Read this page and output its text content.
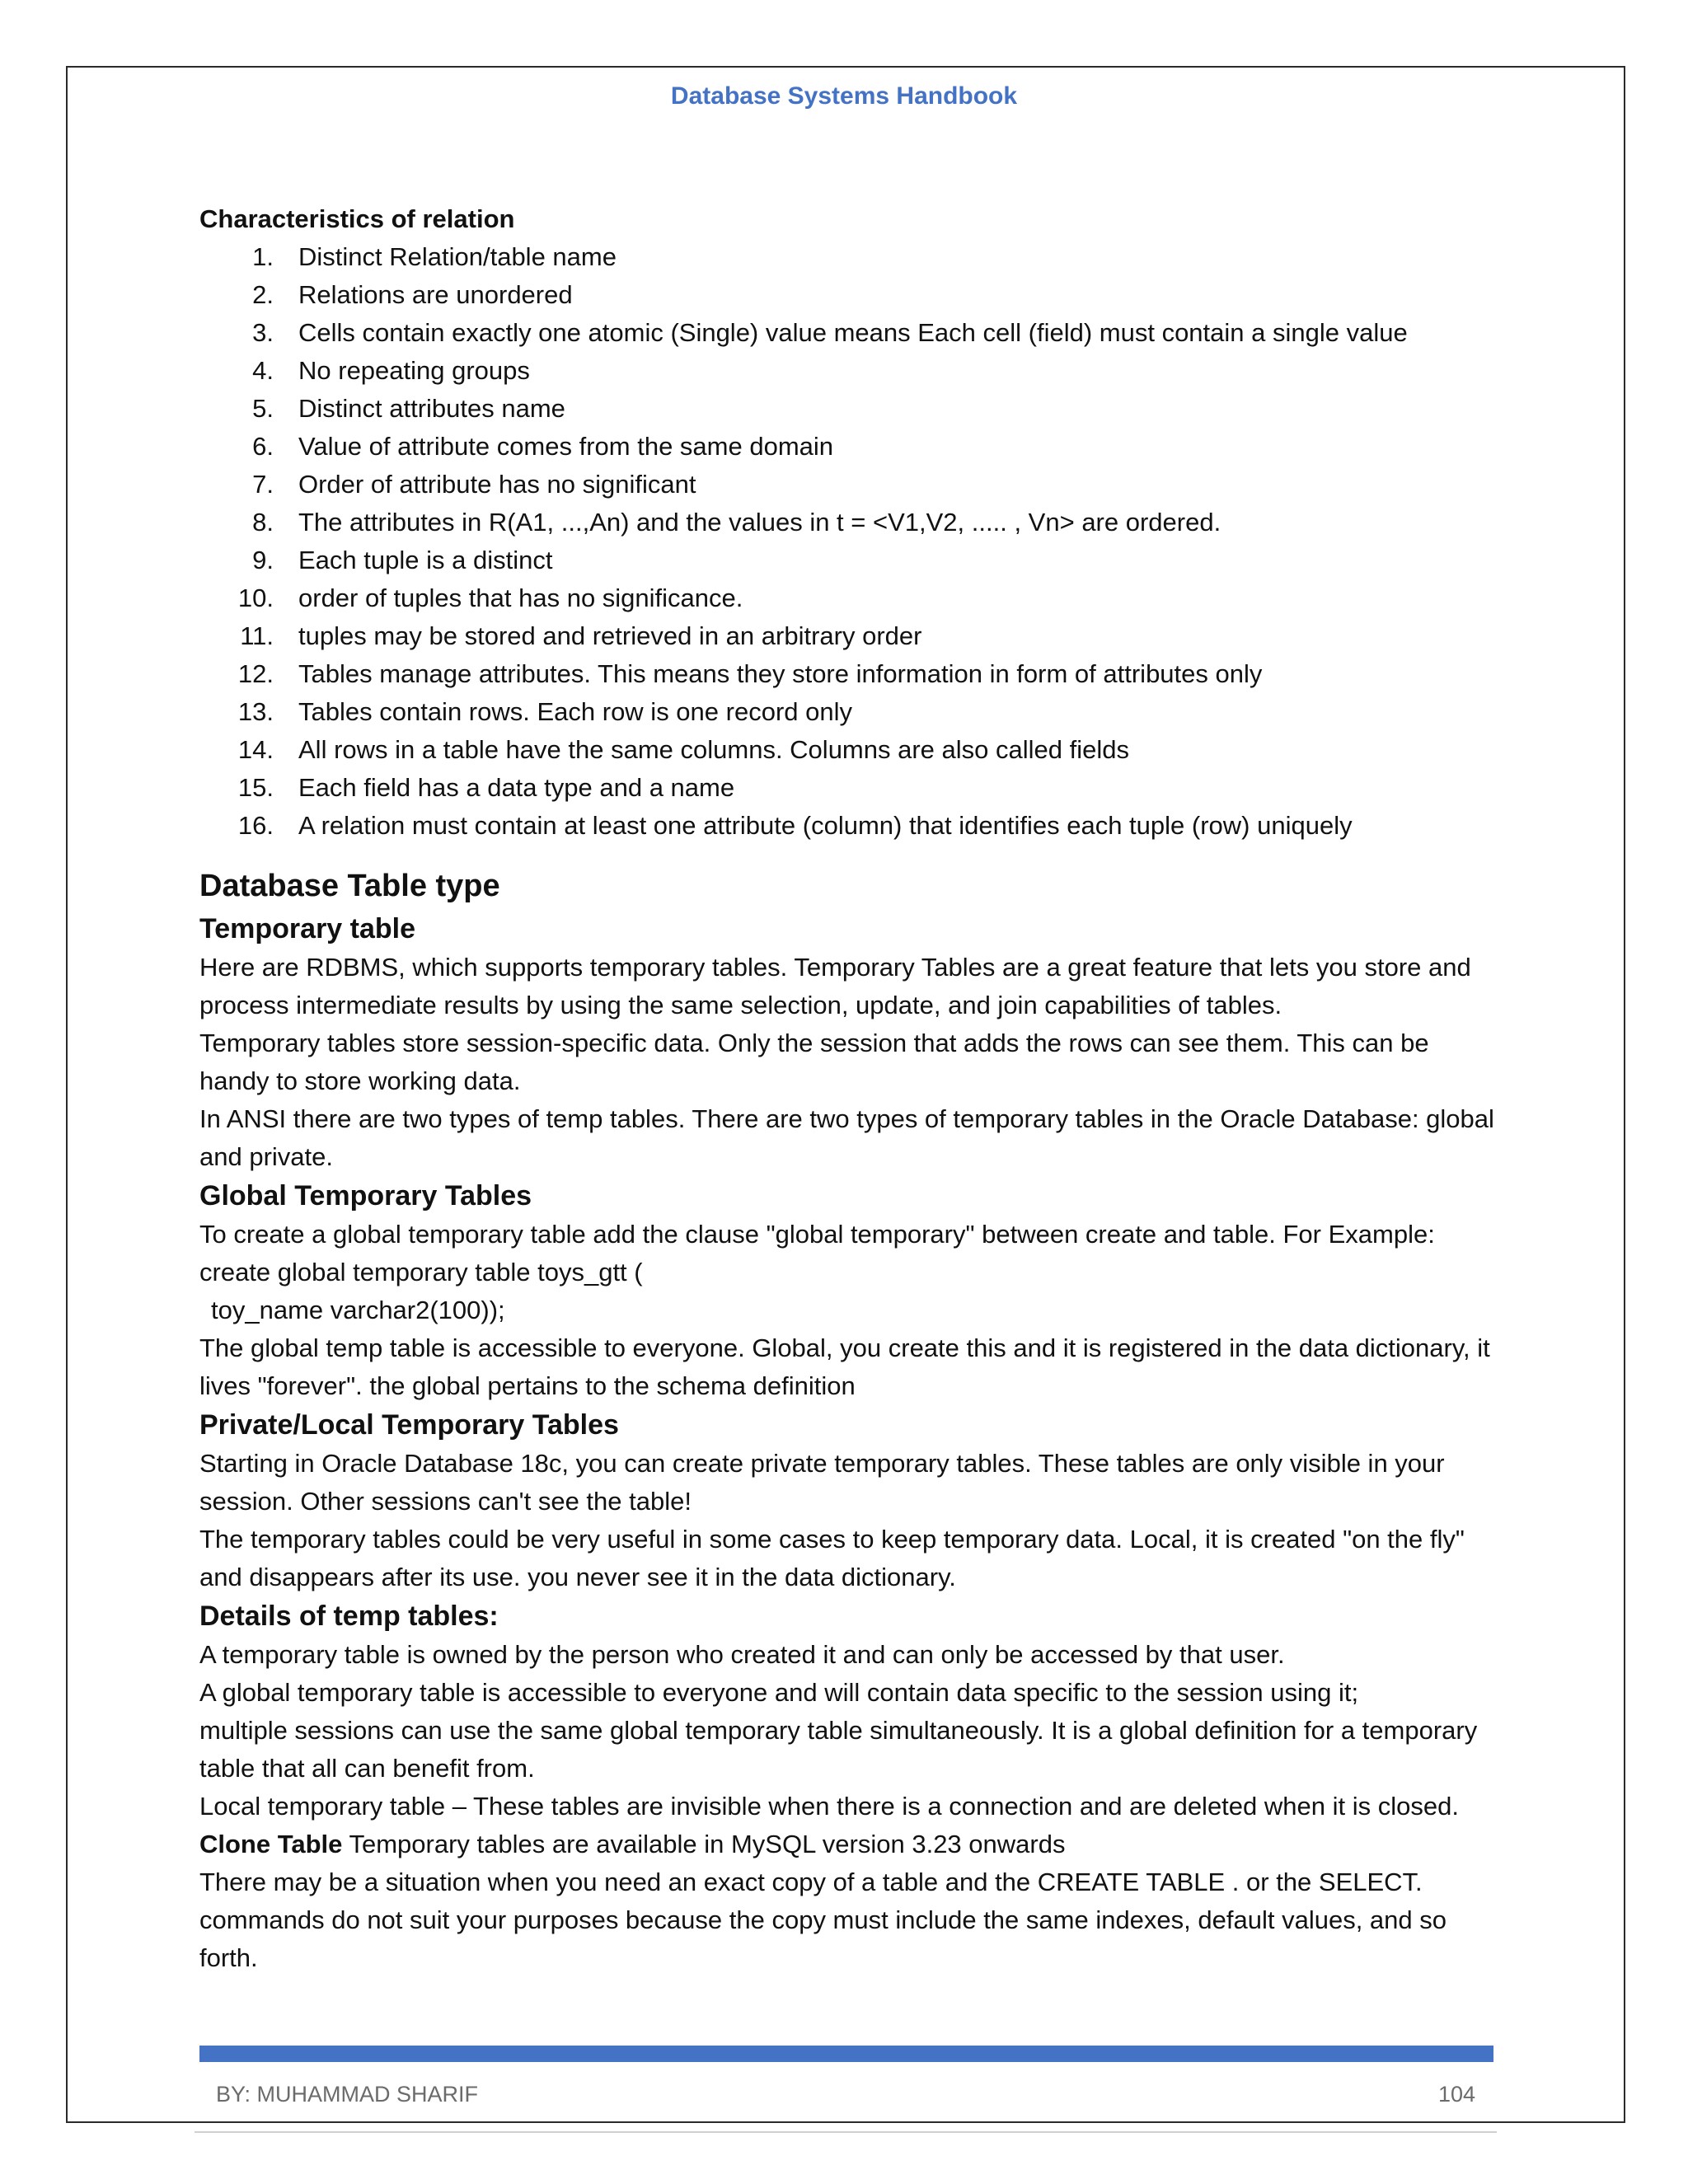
Database Systems Handbook
Characteristics of relation
1. Distinct Relation/table name
2. Relations are unordered
3. Cells contain exactly one atomic (Single) value means Each cell (field) must contain a single value
4. No repeating groups
5. Distinct attributes name
6. Value of attribute comes from the same domain
7. Order of attribute has no significant
8. The attributes in R(A1, ...,An) and the values in t = <V1,V2, ..... , Vn> are ordered.
9. Each tuple is a distinct
10. order of tuples that has no significance.
11. tuples may be stored and retrieved in an arbitrary order
12. Tables manage attributes. This means they store information in form of attributes only
13. Tables contain rows. Each row is one record only
14. All rows in a table have the same columns. Columns are also called fields
15. Each field has a data type and a name
16. A relation must contain at least one attribute (column) that identifies each tuple (row) uniquely
Database Table type
Temporary table

Here are RDBMS, which supports temporary tables. Temporary Tables are a great feature that lets you store and process intermediate results by using the same selection, update, and join capabilities of tables.

Temporary tables store session-specific data. Only the session that adds the rows can see them. This can be handy to store working data.

In ANSI there are two types of temp tables. There are two types of temporary tables in the Oracle Database: global and private.

Global Temporary Tables

To create a global temporary table add the clause "global temporary" between create and table. For Example:

create global temporary table toys_gtt (

toy_name varchar2(100));

The global temp table is accessible to everyone. Global, you create this and it is registered in the data dictionary, it lives "forever". the global pertains to the schema definition

Private/Local Temporary Tables

Starting in Oracle Database 18c, you can create private temporary tables. These tables are only visible in your session. Other sessions can't see the table!

The temporary tables could be very useful in some cases to keep temporary data. Local, it is created "on the fly" and disappears after its use. you never see it in the data dictionary.

Details of temp tables:

A temporary table is owned by the person who created it and can only be accessed by that user.

A global temporary table is accessible to everyone and will contain data specific to the session using it;

multiple sessions can use the same global temporary table simultaneously. It is a global definition for a temporary table that all can benefit from.

Local temporary table – These tables are invisible when there is a connection and are deleted when it is closed.

Clone Table Temporary tables are available in MySQL version 3.23 onwards

There may be a situation when you need an exact copy of a table and the CREATE TABLE . or the SELECT. commands do not suit your purposes because the copy must include the same indexes, default values, and so forth.

BY: MUHAMMAD SHARIF	104
